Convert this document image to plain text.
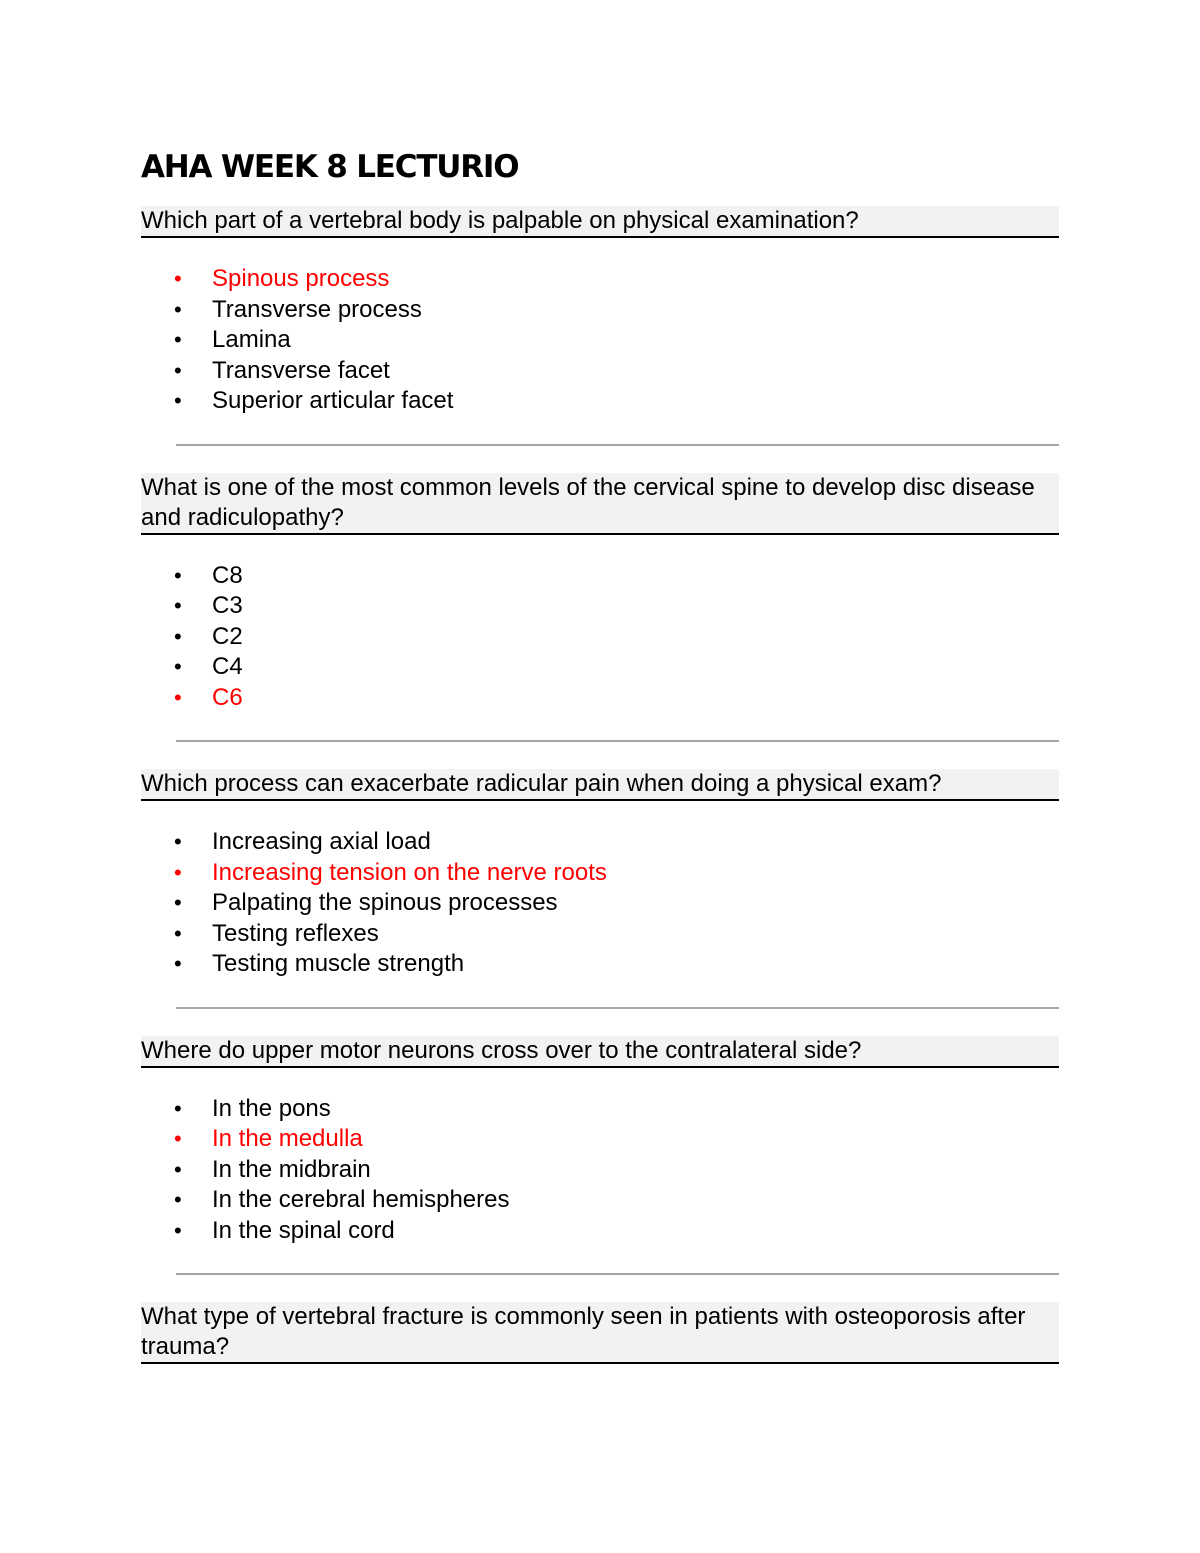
AHA WEEK 8 LECTURIO
Which part of a vertebral body is palpable on physical examination?
• Spinous process
• Transverse process
• Lamina
• Transverse facet
• Superior articular facet
What is one of the most common levels of the cervical spine to develop disc disease and radiculopathy?
• C8
• C3
• C2
• C4
• C6
Which process can exacerbate radicular pain when doing a physical exam?
• Increasing axial load
• Increasing tension on the nerve roots
• Palpating the spinous processes
• Testing reflexes
• Testing muscle strength
Where do upper motor neurons cross over to the contralateral side?
• In the pons
• In the medulla
• In the midbrain
• In the cerebral hemispheres
• In the spinal cord
What type of vertebral fracture is commonly seen in patients with osteoporosis after trauma?
